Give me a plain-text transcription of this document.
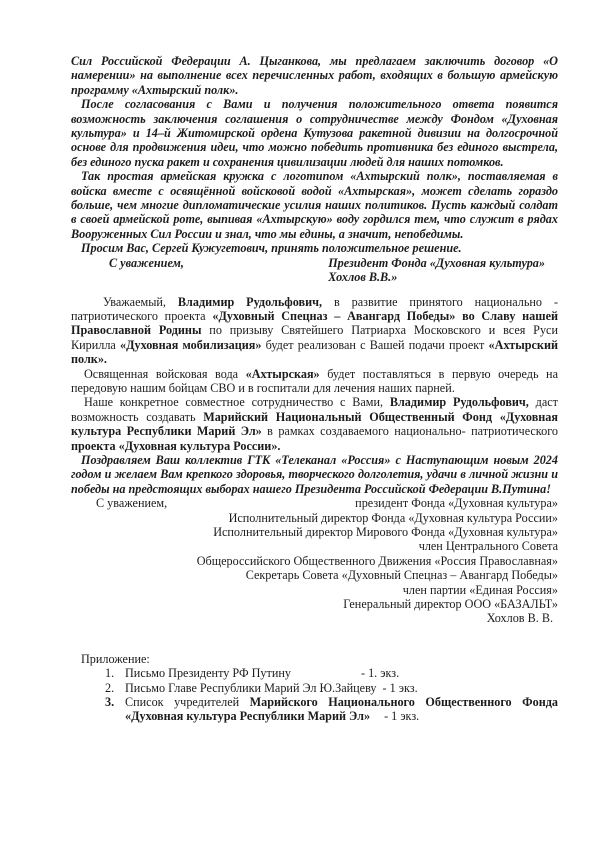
Сил Российской Федерации А. Цыганкова, мы предлагаем заключить договор «О намерении» на выполнение всех перечисленных работ, входящих в большую армейскую программу «Ахтырский полк».

После согласования с Вами и получения положительного ответа появится возможность заключения соглашения о сотрудничестве между Фондом «Духовная культура» и 14–й Житомирской ордена Кутузова ракетной дивизии на долгосрочной основе для продвижения идеи, что можно победить противника без единого выстрела, без единого пуска ракет и сохранения цивилизации людей для наших потомков.

Так простая армейская кружка с логотипом «Ахтырский полк», поставляемая в войска вместе с освящённой войсковой водой «Ахтырская», может сделать гораздо больше, чем многие дипломатические усилия наших политиков. Пусть каждый солдат в своей армейской роте, выпивая «Ахтырскую» воду гордился тем, что служит в рядах Вооруженных Сил России и знал, что мы едины, а значит, непобедимы.

Просим Вас, Сергей Кужугетович, принять положительное решение.

С уважением,	Президент Фонда «Духовная культура»
Хохлов В.В.»

Уважаемый, Владимир Рудольфович, в развитие принятого национально - патриотического проекта «Духовный Спецназ – Авангард Победы» во Славу нашей Православной Родины по призыву Святейшего Патриарха Московского и всея Руси Кирилла «Духовная мобилизация» будет реализован с Вашей подачи проект «Ахтырский полк».

Освященная войсковая вода «Ахтырская» будет поставляться в первую очередь на передовую нашим бойцам СВО и в госпитали для лечения наших парней.

Наше конкретное совместное сотрудничество с Вами, Владимир Рудольфович, даст возможность создавать Марийский Национальный Общественный Фонд «Духовная культура Республики Марий Эл» в рамках создаваемого национально- патриотического проекта «Духовная культура России».

Поздравляем Ваш коллектив ГТК «Телеканал «Россия» с Наступающим новым 2024 годом и желаем Вам крепкого здоровья, творческого долголетия, удачи в личной жизни и победы на предстоящих выборах нашего Президента Российской Федерации В.Путина!

С уважением,	президент Фонда «Духовная культура»
Исполнительный директор Фонда «Духовная культура России»
Исполнительный директор Мирового Фонда «Духовная культура»
член Центрального Совета
Общероссийского Общественного Движения «Россия Православная»
Секретарь Совета «Духовный Спецназ – Авангард Победы»
член партии «Единая Россия»
Генеральный директор ООО «БАЗАЛЬТ»
Хохлов В. В.

Приложение:

1. Письмо Президенту РФ Путину	- 1. экз.
2. Письмо Главе Республики Марий Эл Ю.Зайцеву - 1 экз.
3. Список учредителей Марийского Национального Общественного Фонда «Духовная культура Республики Марий Эл» - 1 экз.
